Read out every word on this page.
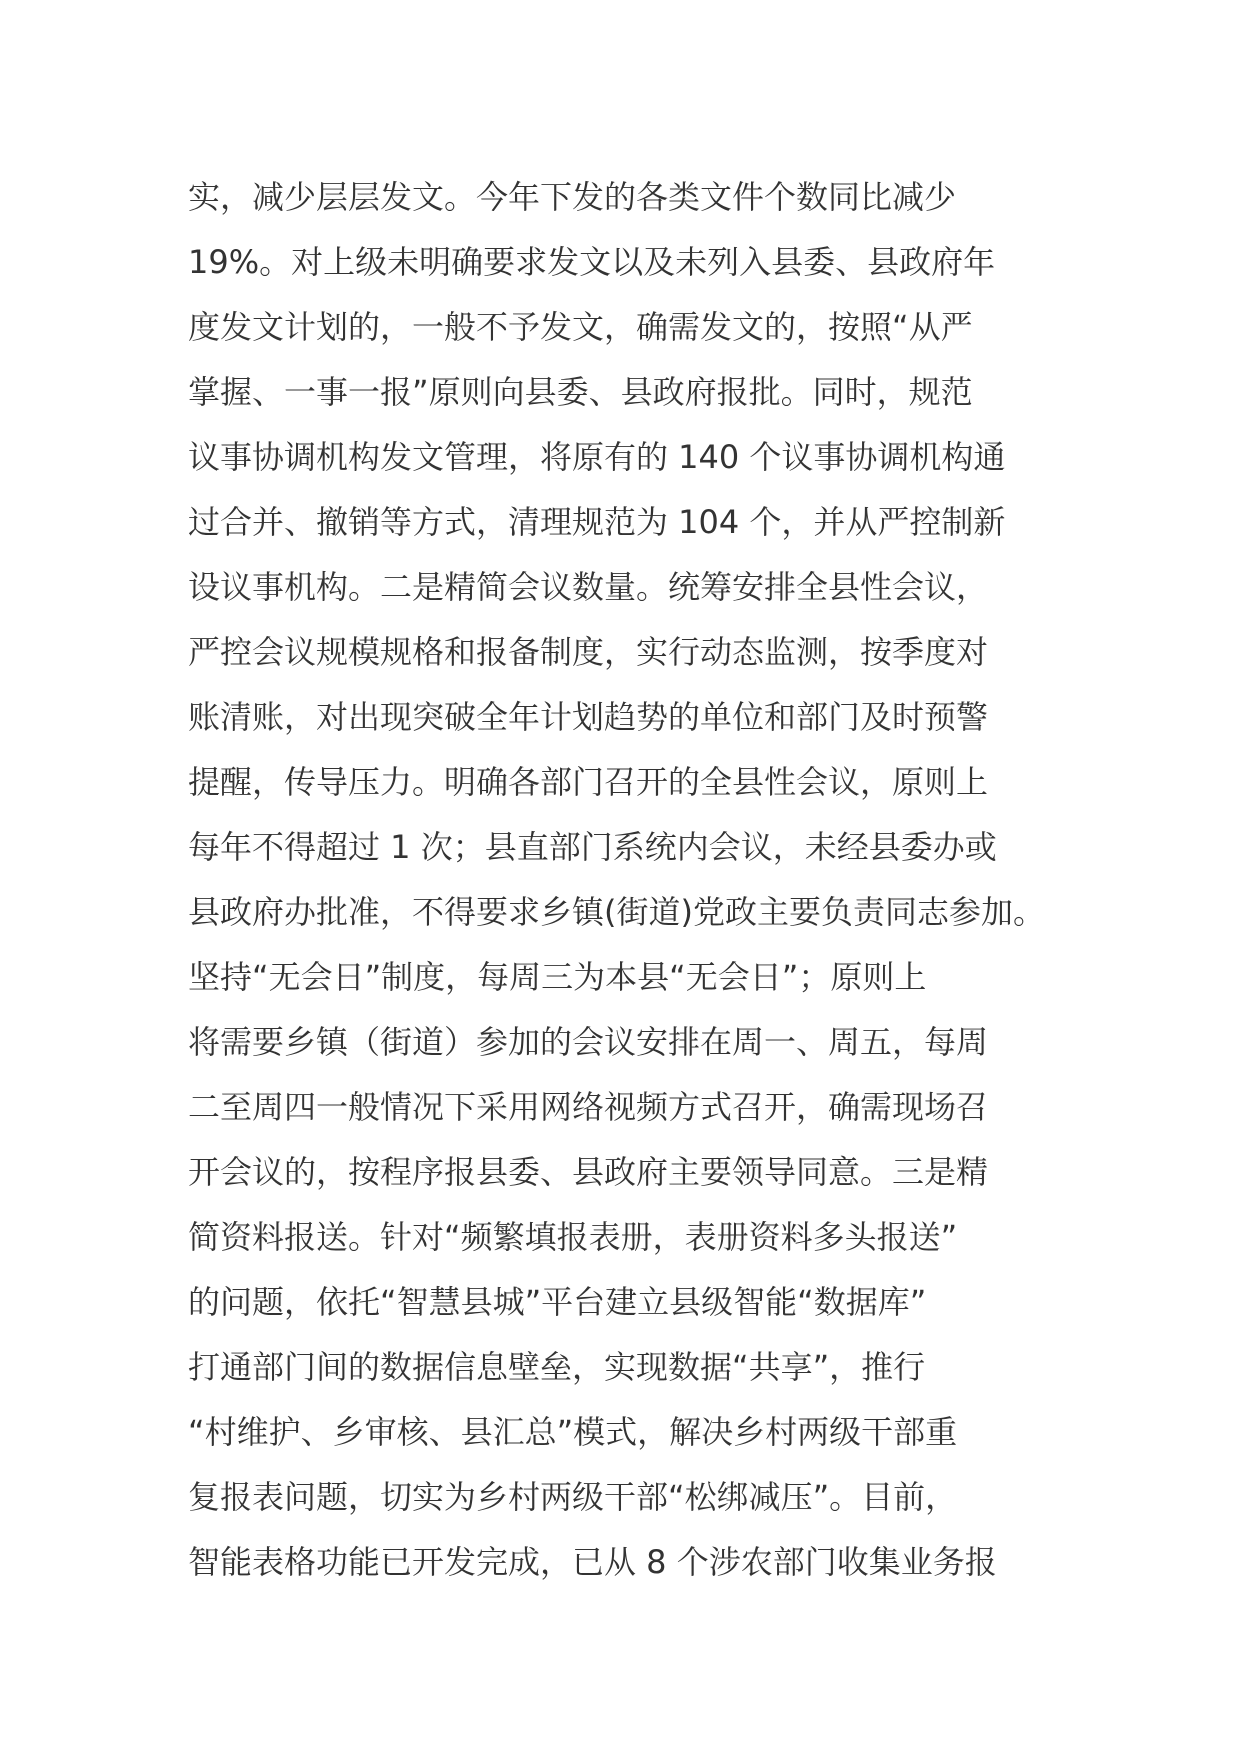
实，减少层层发文。今年下发的各类文件个数同比减少
19%。对上级未明确要求发文以及未列入县委、县政府年
度发文计划的，一般不予发文，确需发文的，按照“从严
掌握、一事一报”原则向县委、县政府报批。同时，规范
议事协调机构发文管理，将原有的 140 个议事协调机构通
过合并、撤销等方式，清理规范为 104 个，并从严控制新
设议事机构。二是精简会议数量。统筹安排全县性会议，
严控会议规模规格和报备制度，实行动态监测，按季度对
账清账，对出现突破全年计划趋势的单位和部门及时预警
提醒，传导压力。明确各部门召开的全县性会议，原则上
每年不得超过 1 次；县直部门系统内会议，未经县委办或
县政府办批准，不得要求乡镇(街道)党政主要负责同志参加。
坚持“无会日”制度，每周三为本县“无会日”；原则上
将需要乡镇（街道）参加的会议安排在周一、周五，每周
二至周四一般情况下采用网络视频方式召开，确需现场召
开会议的，按程序报县委、县政府主要领导同意。三是精
简资料报送。针对“频繁填报表册，表册资料多头报送”
的问题，依托“智慧县城”平台建立县级智能“数据库”
打通部门间的数据信息壁垒，实现数据“共享”，推行
“村维护、乡审核、县汇总”模式，解决乡村两级干部重
复报表问题，切实为乡村两级干部“松绑减压”。目前，
智能表格功能已开发完成，已从 8 个涉农部门收集业务报
